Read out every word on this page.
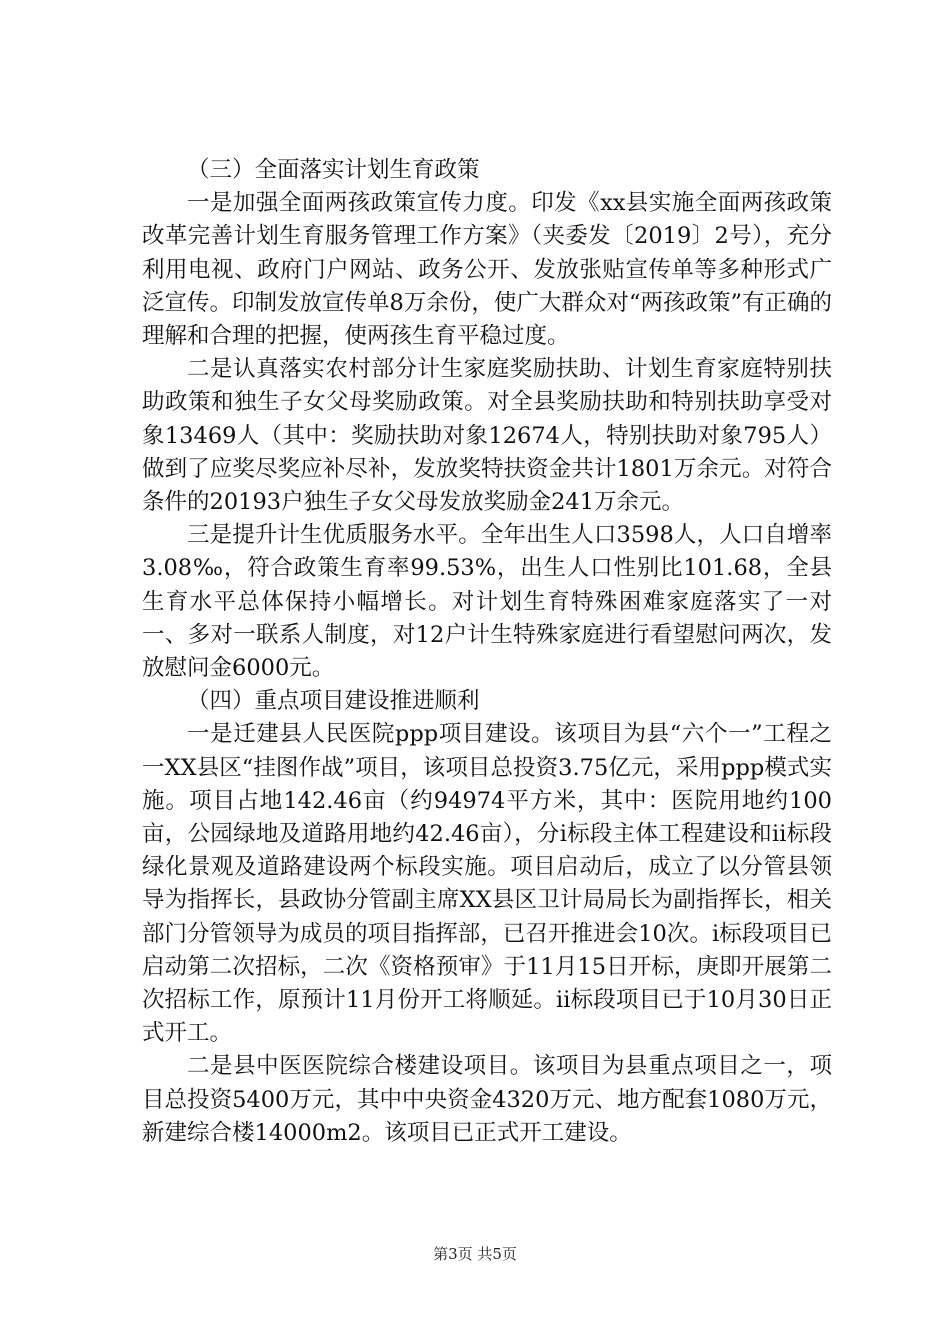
（三）全面落实计划生育政策

一是加强全面两孩政策宣传力度。印发《xx县实施全面两孩政策改革完善计划生育服务管理工作方案》（夹委发〔2019〕2号），充分利用电视、政府门户网站、政务公开、发放张贴宣传单等多种形式广泛宣传。印制发放宣传单8万余份，使广大群众对“两孩政策”有正确的理解和合理的把握，使两孩生育平稳过度。

二是认真落实农村部分计生家庭奖励扶助、计划生育家庭特别扶助政策和独生子女父母奖励政策。对全县奖励扶助和特别扶助享受对象13469人（其中：奖励扶助对象12674人，特别扶助对象795人）做到了应奖尽奖应补尽补，发放奖特扶资金共计1801万余元。对符合条件的20193户独生子女父母发放奖励金241万余元。

三是提升计生优质服务水平。全年出生人口3598人，人口自增率3.08‰，符合政策生育率99.53%，出生人口性别比101.68，全县生育水平总体保持小幅增长。对计划生育特殊困难家庭落实了一对一、多对一联系人制度，对12户计生特殊家庭进行看望慰问两次，发放慰问金6000元。

（四）重点项目建设推进顺利

一是迁建县人民医院ppp项目建设。该项目为县“六个一”工程之一XX县区“挂图作战”项目，该项目总投资3.75亿元，采用ppp模式实施。项目占地142.46亩（约94974平方米，其中：医院用地约100亩，公园绿地及道路用地约42.46亩），分i标段主体工程建设和ii标段绿化景观及道路建设两个标段实施。项目启动后，成立了以分管县领导为指挥长，县政协分管副主席XX县区卫计局局长为副指挥长，相关部门分管领导为成员的项目指挥部，已召开推进会10次。i标段项目已启动第二次招标，二次《资格预审》于11月15日开标，庚即开展第二次招标工作，原预计11月份开工将顺延。ii标段项目已于10月30日正式开工。

二是县中医医院综合楼建设项目。该项目为县重点项目之一，项目总投资5400万元，其中中央资金4320万元、地方配套1080万元，新建综合楼14000m2。该项目已正式开工建设。

第3页 共5页
